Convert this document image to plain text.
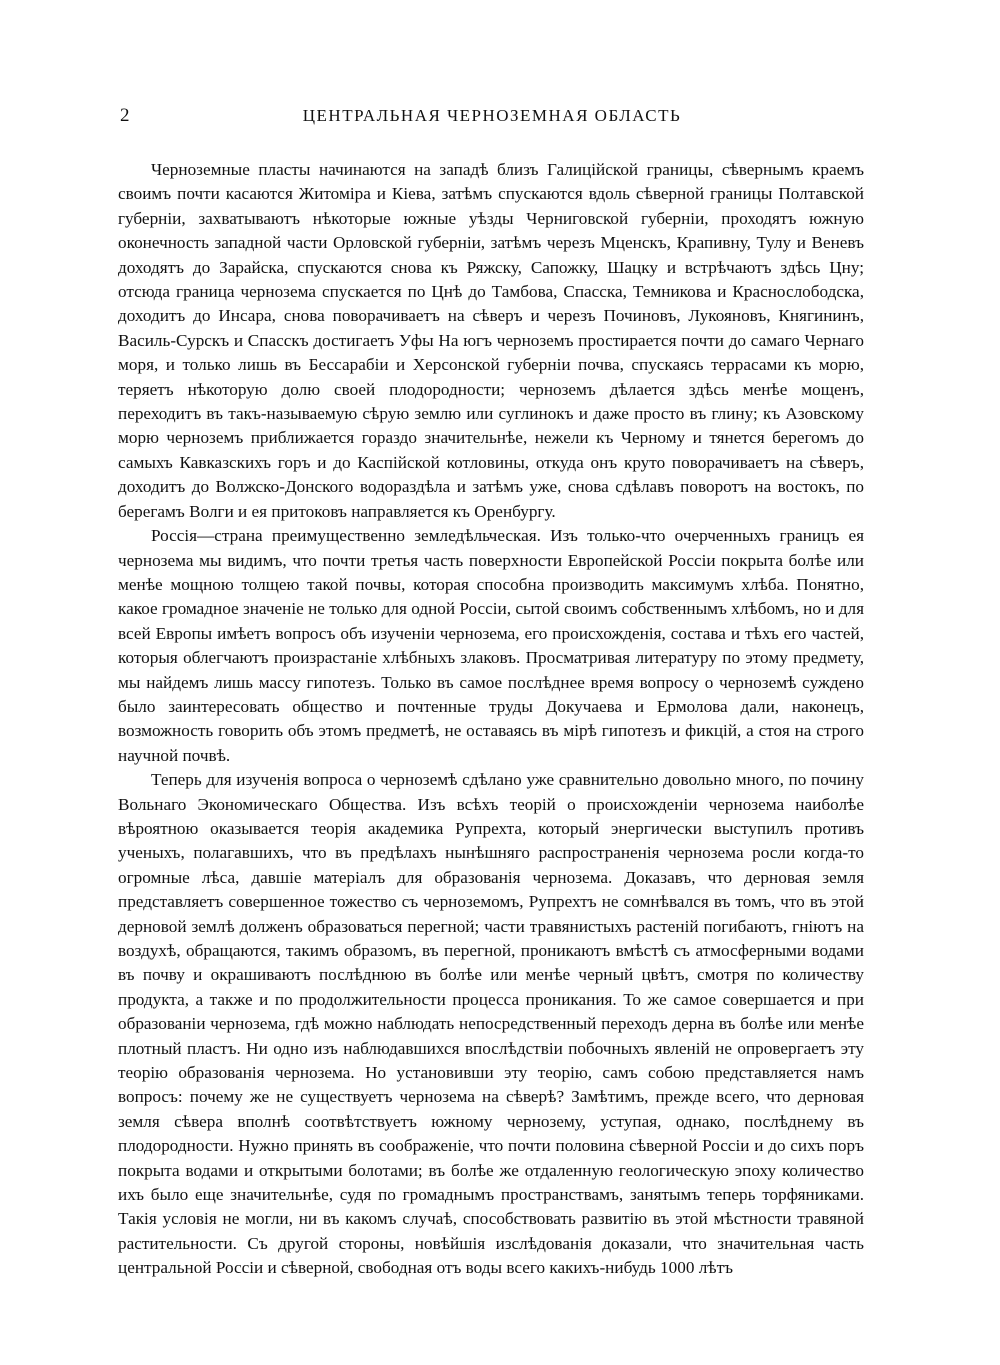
2	ЦЕНТРАЛЬНАЯ ЧЕРНОЗЕМНАЯ ОБЛАСТЬ

Черноземные пласты начинаются на западѣ близъ Галиційской границы, сѣвернымъ краемъ своимъ почти касаются Житоміра и Кіева, затѣмъ спускаются вдоль сѣверной границы Полтавской губерніи, захватываютъ нѣкоторые южные уѣзды Черниговской губерніи, проходятъ южную оконечность западной части Орловской губерніи, затѣмъ черезъ Мценскъ, Крапивну, Тулу и Веневъ доходятъ до Зарайска, спускаются снова къ Ряжску, Сапожку, Шацку и встрѣчаютъ здѣсь Цну; отсюда граница чернозема спускается по Цнѣ до Тамбова, Спасска, Темникова и Краснослободска, доходитъ до Инсара, снова поворачиваетъ на сѣверъ и черезъ Починовъ, Лукояновъ, Княгининъ, Василь-Сурскъ и Спасскъ достигаетъ Уфы На югъ черноземъ простирается почти до самаго Чернаго моря, и только лишь въ Бессарабіи и Херсонской губерніи почва, спускаясь террасами къ морю, теряетъ нѣкоторую долю своей плодородности; черноземъ дѣлается здѣсь менѣе мощенъ, переходитъ въ такъ-называемую сѣрую землю или суглинокъ и даже просто въ глину; къ Азовскому морю черноземъ приближается гораздо значительнѣе, нежели къ Черному и тянется берегомъ до самыхъ Кавказскихъ горъ и до Каспійской котловины, откуда онъ круто поворачиваетъ на сѣверъ, доходитъ до Волжско-Донского водораздѣла и затѣмъ уже, снова сдѣлавъ поворотъ на востокъ, по берегамъ Волги и ея притоковъ направляется къ Оренбургу.

Россія—страна преимущественно земледѣльческая. Изъ только-что очерченныхъ границъ ея чернозема мы видимъ, что почти третья часть поверхности Европейской Россіи покрыта болѣе или менѣе мощною толщею такой почвы, которая способна производить максимумъ хлѣба. Понятно, какое громадное значеніе не только для одной Россіи, сытой своимъ собственнымъ хлѣбомъ, но и для всей Европы имѣетъ вопросъ объ изученіи чернозема, его происхожденія, состава и тѣхъ его частей, которыя облегчаютъ произрастаніе хлѣбныхъ злаковъ. Просматривая литературу по этому предмету, мы найдемъ лишь массу гипотезъ. Только въ самое послѣднее время вопросу о черноземѣ суждено было заинтересовать общество и почтенные труды Докучаева и Ермолова дали, наконецъ, возможность говорить объ этомъ предметѣ, не оставаясь въ мірѣ гипотезъ и фикцій, а стоя на строго научной почвѣ.

Теперь для изученія вопроса о черноземѣ сдѣлано уже сравнительно довольно много, по почину Вольнаго Экономическаго Общества. Изъ всѣхъ теорій о происхожденіи чернозема наиболѣе вѣроятною оказывается теорія академика Рупрехта, который энергически выступилъ противъ ученыхъ, полагавшихъ, что въ предѣлахъ нынѣшняго распространенія чернозема росли когда-то огромные лѣса, давшіе матеріалъ для образованія чернозема. Доказавъ, что дерновая земля представляетъ совершенное тожество съ черноземомъ, Рупрехтъ не сомнѣвался въ томъ, что въ этой дерновой землѣ долженъ образоваться перегной; части травянистыхъ растеній погибаютъ, гніютъ на воздухѣ, обращаются, такимъ образомъ, въ перегной, проникаютъ вмѣстѣ съ атмосферными водами въ почву и окрашиваютъ послѣднюю въ болѣе или менѣе черный цвѣтъ, смотря по количеству продукта, а также и по продолжительности процесса проникания. То же самое совершается и при образованіи чернозема, гдѣ можно наблюдать непосредственный переходъ дерна въ болѣе или менѣе плотный пластъ. Ни одно изъ наблюдавшихся впослѣдствіи побочныхъ явленій не опровергаетъ эту теорію образованія чернозема. Но установивши эту теорію, самъ собою представляется намъ вопросъ: почему же не существуетъ чернозема на сѣверѣ? Замѣтимъ, прежде всего, что дерновая земля сѣвера вполнѣ соотвѣтствуетъ южному чернозему, уступая, однако, послѣднему въ плодородности. Нужно принять въ соображеніе, что почти половина сѣверной Россіи и до сихъ поръ покрыта водами и открытыми болотами; въ болѣе же отдаленную геологическую эпоху количество ихъ было еще значительнѣе, судя по громаднымъ пространствамъ, занятымъ теперь торфяниками. Такія условія не могли, ни въ какомъ случаѣ, способствовать развитію въ этой мѣстности травяной растительности. Съ другой стороны, новѣйшія изслѣдованія доказали, что значительная часть центральной Россіи и сѣверной, свободная отъ воды всего какихъ-нибудь 1000 лѣтъ
